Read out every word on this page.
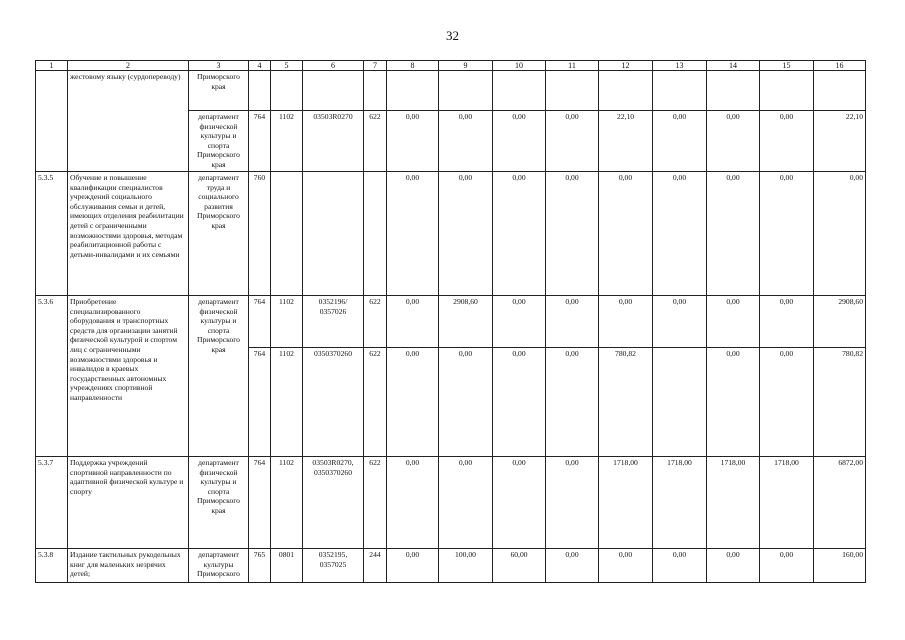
32
1	2	3	4	5	6	7	8	9	10	11	12	13	14	15	16
	жестовому языку (сурдопереводу)	Приморского края													
		департамент физической культуры и спорта Приморского края	764	1102	03503R0270	622	0,00	0,00	0,00	0,00	22,10	0,00	0,00	0,00	22,10
5.3.5	Обучение и повышение квалификации специалистов учреждений социального обслуживания семьи и детей, имеющих отделения реабилитации детей с ограниченными возможностями здоровья, методам реабилитационной работы с детьми-инвалидами и их семьями	департамент труда и социального развития Приморского края	760				0,00	0,00	0,00	0,00	0,00	0,00	0,00	0,00	0,00
5.3.6	Приобретение специализированного оборудования и транспортных средств для организации занятий физической культурой и спортом лиц с ограниченными возможностями здоровья и инвалидов в краевых государственных автономных учреждениях спортивной направленности	департамент физической культуры и спорта Приморского края	764	1102	0352196/ 0357026	622	0,00	2908,60	0,00	0,00	0,00	0,00	0,00	0,00	2908,60
			764	1102	0350370260	622	0,00	0,00	0,00	0,00	780,82		0,00	0,00	780,82
5.3.7	Поддержка учреждений спортивной направленности по адаптивной физической культуре и спорту	департамент физической культуры и спорта Приморского края	764	1102	03503R0270, 0350370260	622	0,00	0,00	0,00	0,00	1718,00	1718,00	1718,00	1718,00	6872,00
5.3.8	Издание тактильных рукодельных книг для маленьких незрячих детей;	департамент культуры Приморского	765	0801	0352195, 0357025	244	0,00	100,00	60,00	0,00	0,00	0,00	0,00	0,00	160,00
